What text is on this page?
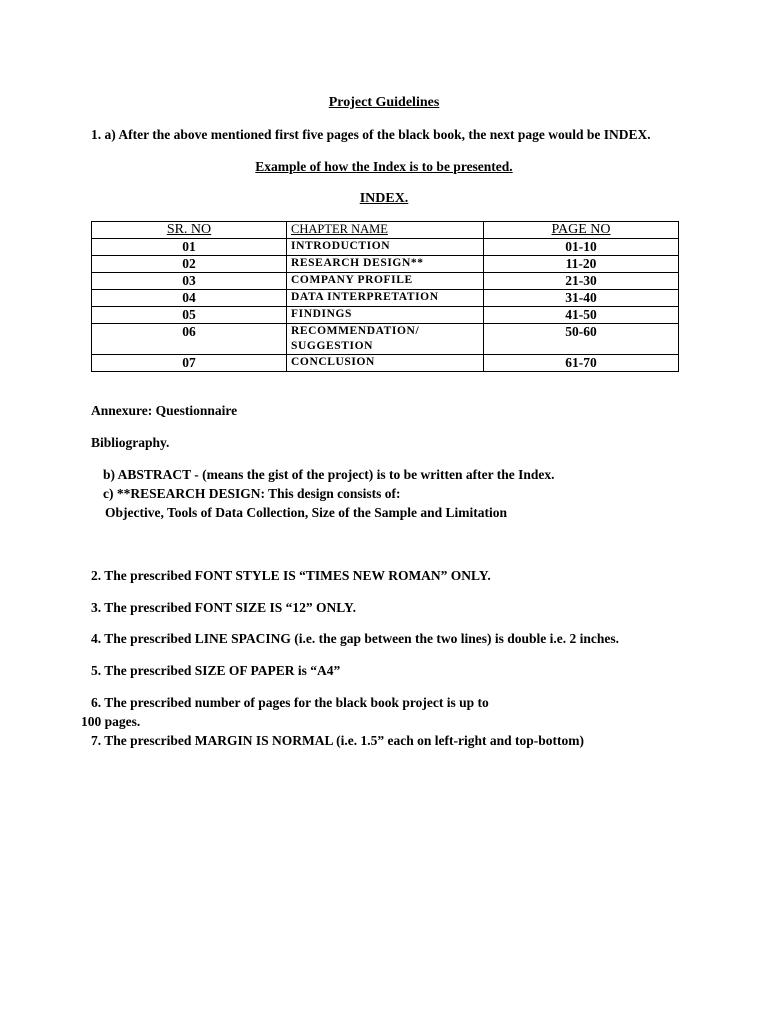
Project Guidelines
1. a) After the above mentioned first five pages of the black book, the next page would be INDEX.
Example of how the Index is to be presented.
INDEX.
SR. NO	CHAPTER NAME	PAGE NO
01	INTRODUCTION	01-10
02	RESEARCH DESIGN**	11-20
03	COMPANY PROFILE	21-30
04	DATA INTERPRETATION	31-40
05	FINDINGS	41-50
06	RECOMMENDATION/
SUGGESTION	50-60
07	CONCLUSION	61-70
Annexure: Questionnaire
Bibliography.
b) ABSTRACT - (means the gist of the project) is to be written after the Index.
c) **RESEARCH DESIGN: This design consists of:
Objective, Tools of Data Collection, Size of the Sample and Limitation
2. The prescribed FONT STYLE IS “TIMES NEW ROMAN” ONLY.
3. The prescribed FONT SIZE IS “12” ONLY.
4. The prescribed LINE SPACING (i.e. the gap between the two lines) is double i.e. 2 inches.
5. The prescribed SIZE OF PAPER is “A4”
6. The prescribed number of pages for the black book project is up to
100 pages.
7. The prescribed MARGIN IS NORMAL (i.e. 1.5” each on left-right and top-bottom)
